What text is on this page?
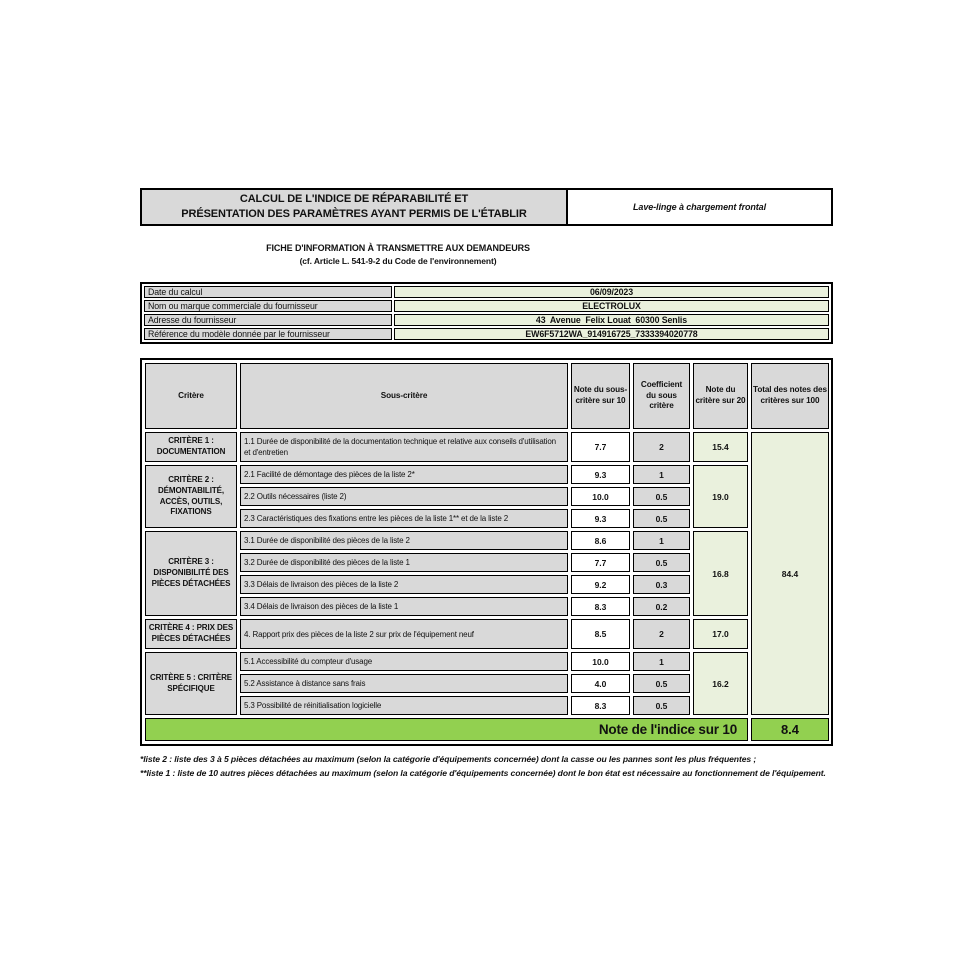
CALCUL DE L'INDICE DE RÉPARABILITÉ ET
PRÉSENTATION DES PARAMÈTRES AYANT PERMIS DE L'ÉTABLIR
Lave-linge à chargement frontal
FICHE D'INFORMATION À TRANSMETTRE AUX DEMANDEURS
(cf. Article L. 541-9-2 du Code de l'environnement)
Date du calcul	06/09/2023
Nom ou marque commerciale du fournisseur	ELECTROLUX
Adresse du fournisseur	43  Avenue  Felix Louat  60300 Senlis
Référence du modèle donnée par le fournisseur	EW6F5712WA_914916725_7333394020778
Critère	Sous-critère	Note du sous-critère sur 10	Coefficient du sous critère	Note du critère sur 20	Total des notes des critères sur 100
CRITÈRE 1 : DOCUMENTATION	1.1 Durée de disponibilité de la documentation technique et relative aux conseils d'utilisation et d'entretien	7.7	2	15.4	84.4
CRITÈRE 2 : DÉMONTABILITÉ, ACCÈS, OUTILS, FIXATIONS	2.1 Facilité de démontage des pièces de la liste 2*	9.3	1	19.0	
	2.2 Outils nécessaires (liste 2)	10.0	0.5		
	2.3 Caractéristiques des fixations entre les pièces de la liste 1** et de la liste 2	9.3	0.5		
CRITÈRE 3 : DISPONIBILITÉ DES PIÈCES DÉTACHÉES	3.1 Durée de disponibilité des pièces de la liste 2	8.6	1	16.8	
	3.2 Durée de disponibilité des pièces de la liste 1	7.7	0.5		
	3.3 Délais de livraison des pièces de la liste 2	9.2	0.3		
	3.4 Délais de livraison des pièces de la liste 1	8.3	0.2		
CRITÈRE 4 : PRIX DES PIÈCES DÉTACHÉES	4. Rapport prix des pièces de la liste 2 sur prix de l'équipement neuf	8.5	2	17.0	
CRITÈRE 5 : CRITÈRE SPÉCIFIQUE	5.1 Accessibilité du compteur d'usage	10.0	1	16.2	
	5.2 Assistance à distance sans frais	4.0	0.5		
	5.3 Possibilité de réinitialisation logicielle	8.3	0.5		
Note de l'indice sur 10					8.4
*liste 2 : liste des 3 à 5 pièces détachées au maximum (selon la catégorie d'équipements concernée) dont la casse ou les pannes sont les plus fréquentes ;
**liste 1 : liste de 10 autres pièces détachées au maximum (selon la catégorie d'équipements concernée) dont le bon état est nécessaire au fonctionnement de l'équipement.
